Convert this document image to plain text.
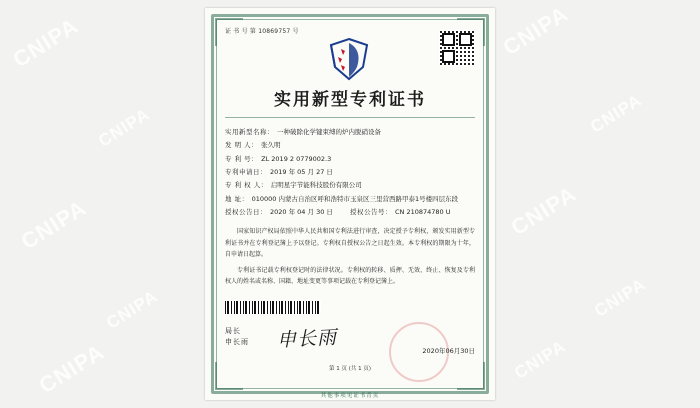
CNIPA
CNIPA
CNIPA
CNIPA
CNIPA
CNIPA
CNIPA
CNIPA
CNIPA	CNIPA
证 书 号 第 10869757 号
实用新型专利证书
实用新型名称： 一种破除化学键束缚的炉内脱硝设备
发 明 人： 张久明
专 利 号： ZL 2019 2 0779002.3
专利申请日： 2019 年 05 月 27 日
专 利 权 人： 启明星宇节能科技股份有限公司
地 址： 010000 内蒙古自治区呼和浩特市玉泉区三里营西路甲泰1号楼四层东段
授权公告日： 2020 年 04 月 30 日	授权公告号： CN 210874780 U
国家知识产权局依照中华人民共和国专利法进行审查，决定授予专利权，颁发实用新型专利证书并在专利登记簿上予以登记。专利权自授权公告之日起生效。本专利权的期限为十年，自申请日起算。
专利证书记载专利权登记时的法律状况。专利权的转移、质押、无效、终止、恢复及专利权人的姓名或名称、国籍、地址变更等事项记载在专利登记簿上。
局长
申长雨	申长雨	2020年06月30日
第 1 页 (共 1 页)
其他事项见证书背页
